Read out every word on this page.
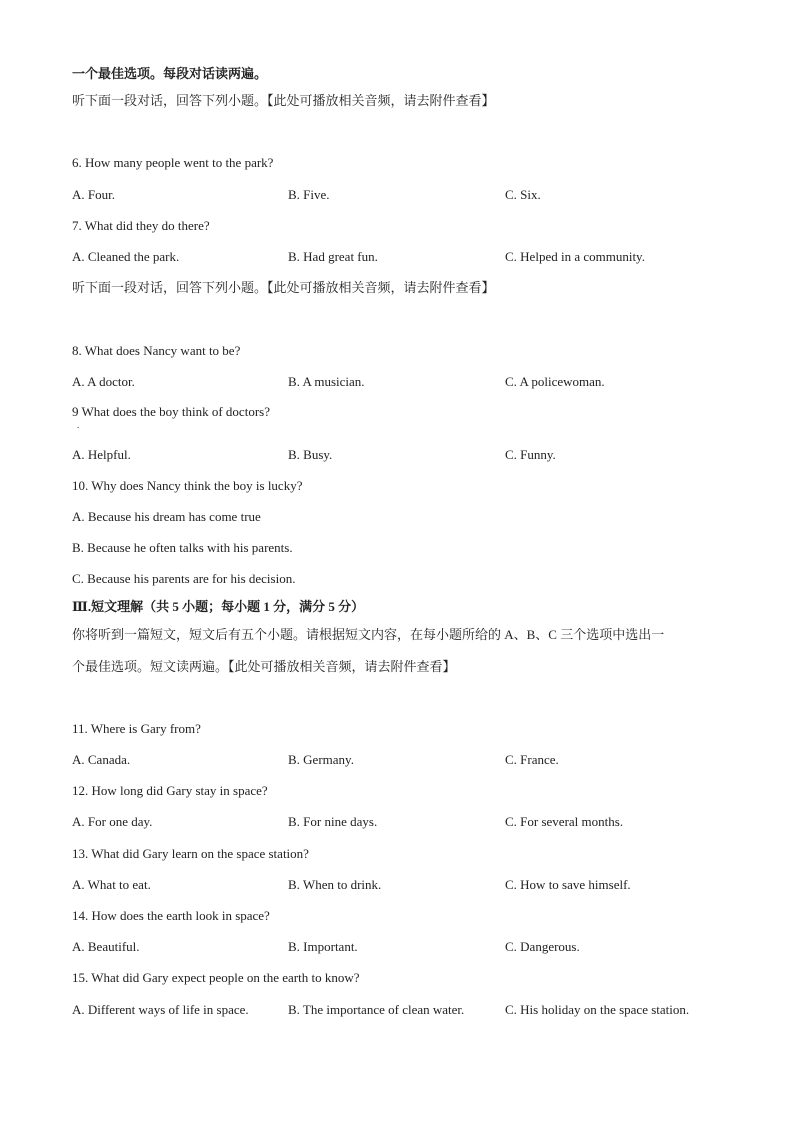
一个最佳选项。每段对话读两遍。
听下面一段对话，回答下列小题。【此处可播放相关音频，请去附件查看】
6. How many people went to the park?
A. Four.	B. Five.	C. Six.
7. What did they do there?
A. Cleaned the park.	B. Had great fun.	C. Helped in a community.
听下面一段对话，回答下列小题。【此处可播放相关音频，请去附件查看】
8. What does Nancy want to be?
A. A doctor.	B. A musician.	C. A policewoman.
9 What does the boy think of doctors?
.
A. Helpful.	B. Busy.	C. Funny.
10. Why does Nancy think the boy is lucky?
A. Because his dream has come true
B. Because he often talks with his parents.
C. Because his parents are for his decision.
Ⅲ.短文理解（共 5 小题；每小题 1 分，满分 5 分）
你将听到一篇短文，短文后有五个小题。请根据短文内容，在每小题所给的 A、B、C 三个选项中选出一
个最佳选项。短文读两遍。【此处可播放相关音频，请去附件查看】
11. Where is Gary from?
A. Canada.	B. Germany.	C. France.
12. How long did Gary stay in space?
A. For one day.	B. For nine days.	C. For several months.
13. What did Gary learn on the space station?
A. What to eat.	B. When to drink.	C. How to save himself.
14. How does the earth look in space?
A. Beautiful.	B. Important.	C. Dangerous.
15. What did Gary expect people on the earth to know?
A. Different ways of life in space.	B. The importance of clean water.	C. His holiday on the space station.
